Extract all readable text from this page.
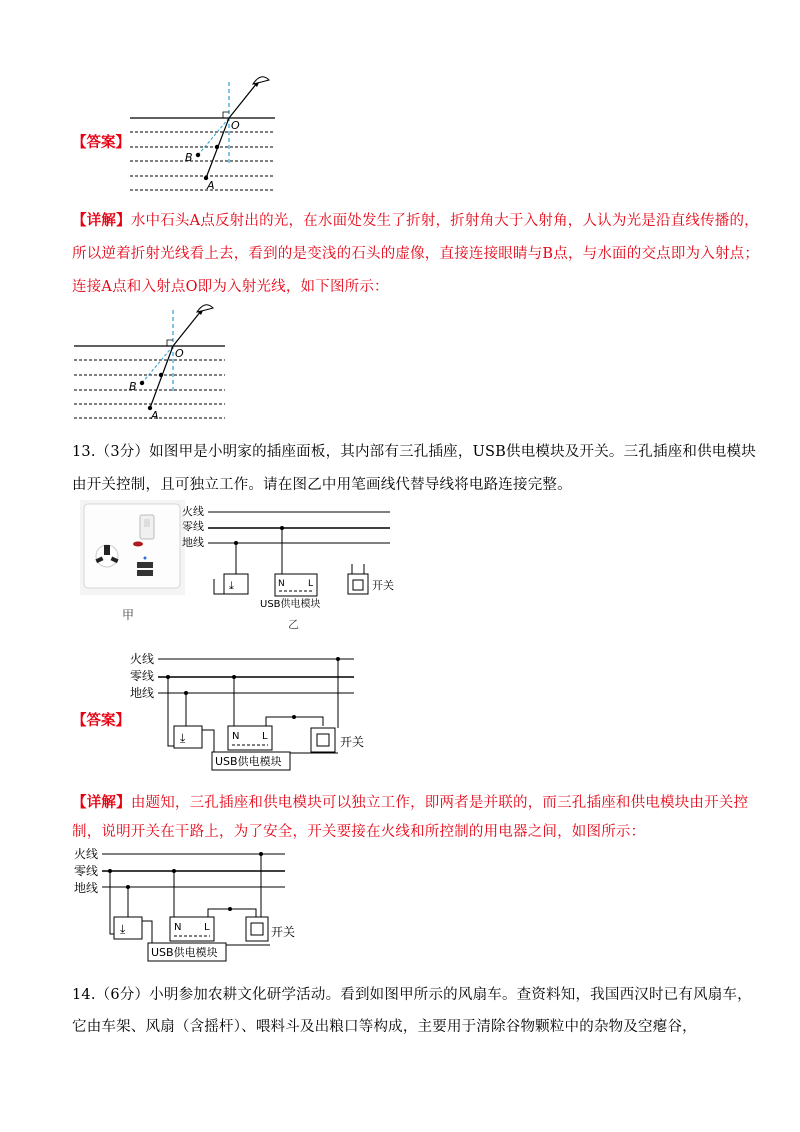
【答案】
O
B
A
【详解】水中石头A点反射出的光，在水面处发生了折射，折射角大于入射角，人认为光是沿直线传播的，
所以逆着折射光线看上去，看到的是变浅的石头的虚像，直接连接眼睛与B点，与水面的交点即为入射点；
连接A点和入射点O即为入射光线，如下图所示：
O
B
A
13.（3分）如图甲是小明家的插座面板，其内部有三孔插座，USB供电模块及开关。三孔插座和供电模块
由开关控制，且可独立工作。请在图乙中用笔画线代替导线将电路连接完整。
甲
火线
零线
地线
⤓	N	L	开关
USB供电模块
乙
【答案】
火线
零线
地线
⤓	N L	开关
USB供电模块
【详解】由题知，三孔插座和供电模块可以独立工作，即两者是并联的，而三孔插座和供电模块由开关控
制，说明开关在干路上，为了安全，开关要接在火线和所控制的用电器之间，如图所示：
火线
零线
地线
⤓	N L	开关
USB供电模块
14.（6分）小明参加农耕文化研学活动。看到如图甲所示的风扇车。查资料知，我国西汉时已有风扇车，
它由车架、风扇（含摇杆）、喂料斗及出粮口等构成，主要用于清除谷物颗粒中的杂物及空瘪谷，
